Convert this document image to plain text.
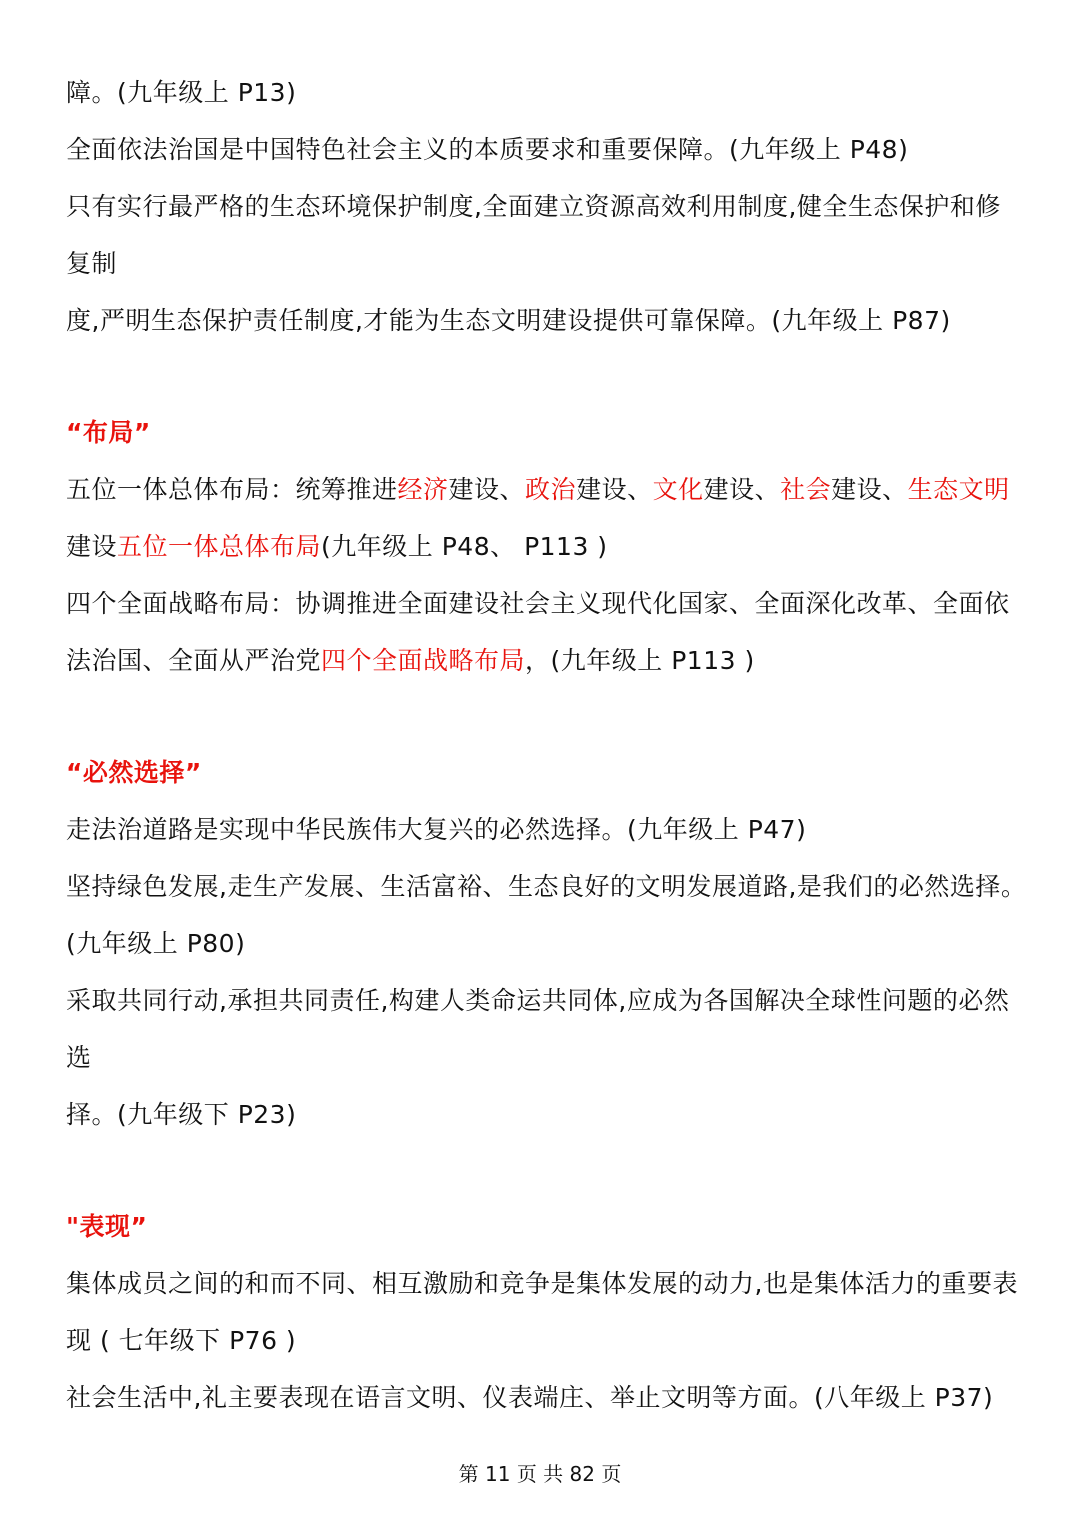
障。(九年级上 P13)
全面依法治国是中国特色社会主义的本质要求和重要保障。(九年级上 P48)
只有实行最严格的生态环境保护制度,全面建立资源高效利用制度,健全生态保护和修
复制
度,严明生态保护责任制度,才能为生态文明建设提供可靠保障。(九年级上 P87)
“布局”
五位一体总体布局：统筹推进经济建设、政治建设、文化建设、社会建设、生态文明
建设五位一体总体布局(九年级上 P48、 P113 )
四个全面战略布局：协调推进全面建设社会主义现代化国家、全面深化改革、全面依
法治国、全面从严治党四个全面战略布局，(九年级上 P113 )
“必然选择”
走法治道路是实现中华民族伟大复兴的必然选择。(九年级上 P47)
坚持绿色发展,走生产发展、生活富裕、生态良好的文明发展道路,是我们的必然选择。
(九年级上 P80)
采取共同行动,承担共同责任,构建人类命运共同体,应成为各国解决全球性问题的必然
选
择。(九年级下 P23)
"表现”
集体成员之间的和而不同、相互激励和竞争是集体发展的动力,也是集体活力的重要表
现 ( 七年级下 P76 )
社会生活中,礼主要表现在语言文明、仪表端庄、举止文明等方面。(八年级上 P37)
第 11 页 共 82 页
